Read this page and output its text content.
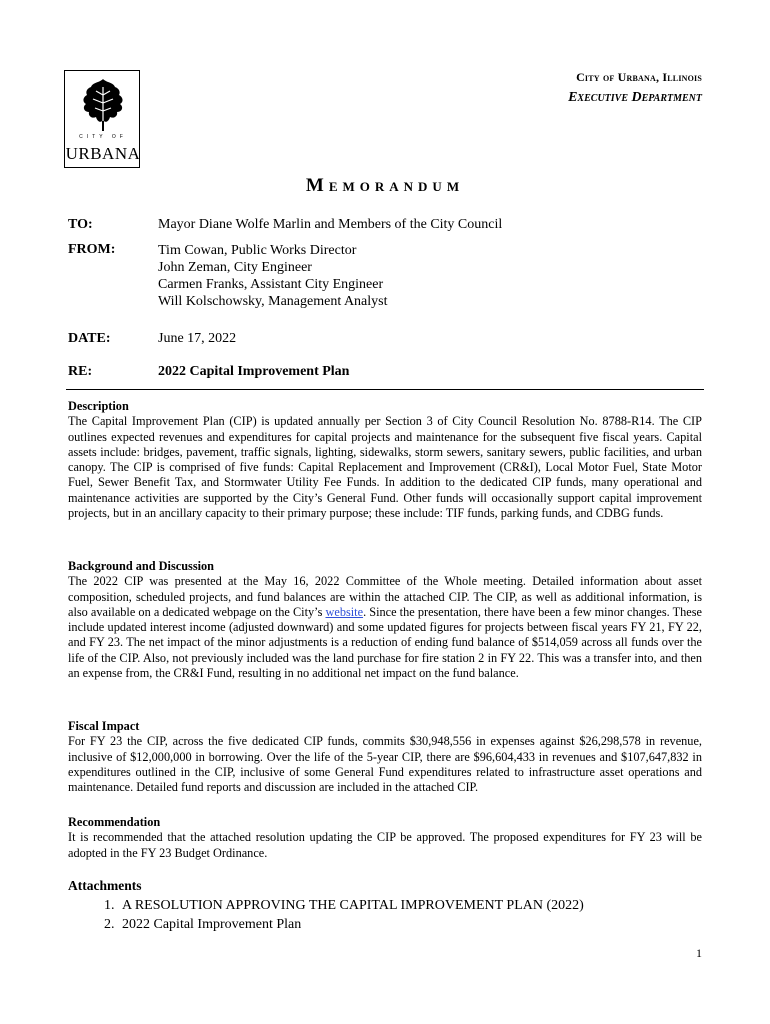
CITY OF
URBANA
City of Urbana, Illinois
Executive Department
Memorandum
TO:	Mayor Diane Wolfe Marlin and Members of the City Council
FROM:	Tim Cowan, Public Works Director
John Zeman, City Engineer
Carmen Franks, Assistant City Engineer
Will Kolschowsky, Management Analyst
DATE:	June 17, 2022
RE:	2022 Capital Improvement Plan
Description

The Capital Improvement Plan (CIP) is updated annually per Section 3 of City Council Resolution No. 8788-R14. The CIP outlines expected revenues and expenditures for capital projects and maintenance for the subsequent five fiscal years. Capital assets include: bridges, pavement, traffic signals, lighting, sidewalks, storm sewers, sanitary sewers, public facilities, and urban canopy. The CIP is comprised of five funds: Capital Replacement and Improvement (CR&I), Local Motor Fuel, State Motor Fuel, Sewer Benefit Tax, and Stormwater Utility Fee Funds. In addition to the dedicated CIP funds, many operational and maintenance activities are supported by the City’s General Fund. Other funds will occasionally support capital improvement projects, but in an ancillary capacity to their primary purpose; these include: TIF funds, parking funds, and CDBG funds.

Background and Discussion

The 2022 CIP was presented at the May 16, 2022 Committee of the Whole meeting. Detailed information about asset composition, scheduled projects, and fund balances are within the attached CIP. The CIP, as well as additional information, is also available on a dedicated webpage on the City’s website. Since the presentation, there have been a few minor changes. These include updated interest income (adjusted downward) and some updated figures for projects between fiscal years FY 21, FY 22, and FY 23. The net impact of the minor adjustments is a reduction of ending fund balance of $514,059 across all funds over the life of the CIP. Also, not previously included was the land purchase for fire station 2 in FY 22. This was a transfer into, and then an expense from, the CR&I Fund, resulting in no additional net impact on the fund balance.

Fiscal Impact

For FY 23 the CIP, across the five dedicated CIP funds, commits $30,948,556 in expenses against $26,298,578 in revenue, inclusive of $12,000,000 in borrowing. Over the life of the 5-year CIP, there are $96,604,433 in revenues and $107,647,832 in expenditures outlined in the CIP, inclusive of some General Fund expenditures related to infrastructure asset operations and maintenance. Detailed fund reports and discussion are included in the attached CIP.

Recommendation

It is recommended that the attached resolution updating the CIP be approved. The proposed expenditures for FY 23 will be adopted in the FY 23 Budget Ordinance.

Attachments
1. A RESOLUTION APPROVING THE CAPITAL IMPROVEMENT PLAN (2022)
2. 2022 Capital Improvement Plan
1
